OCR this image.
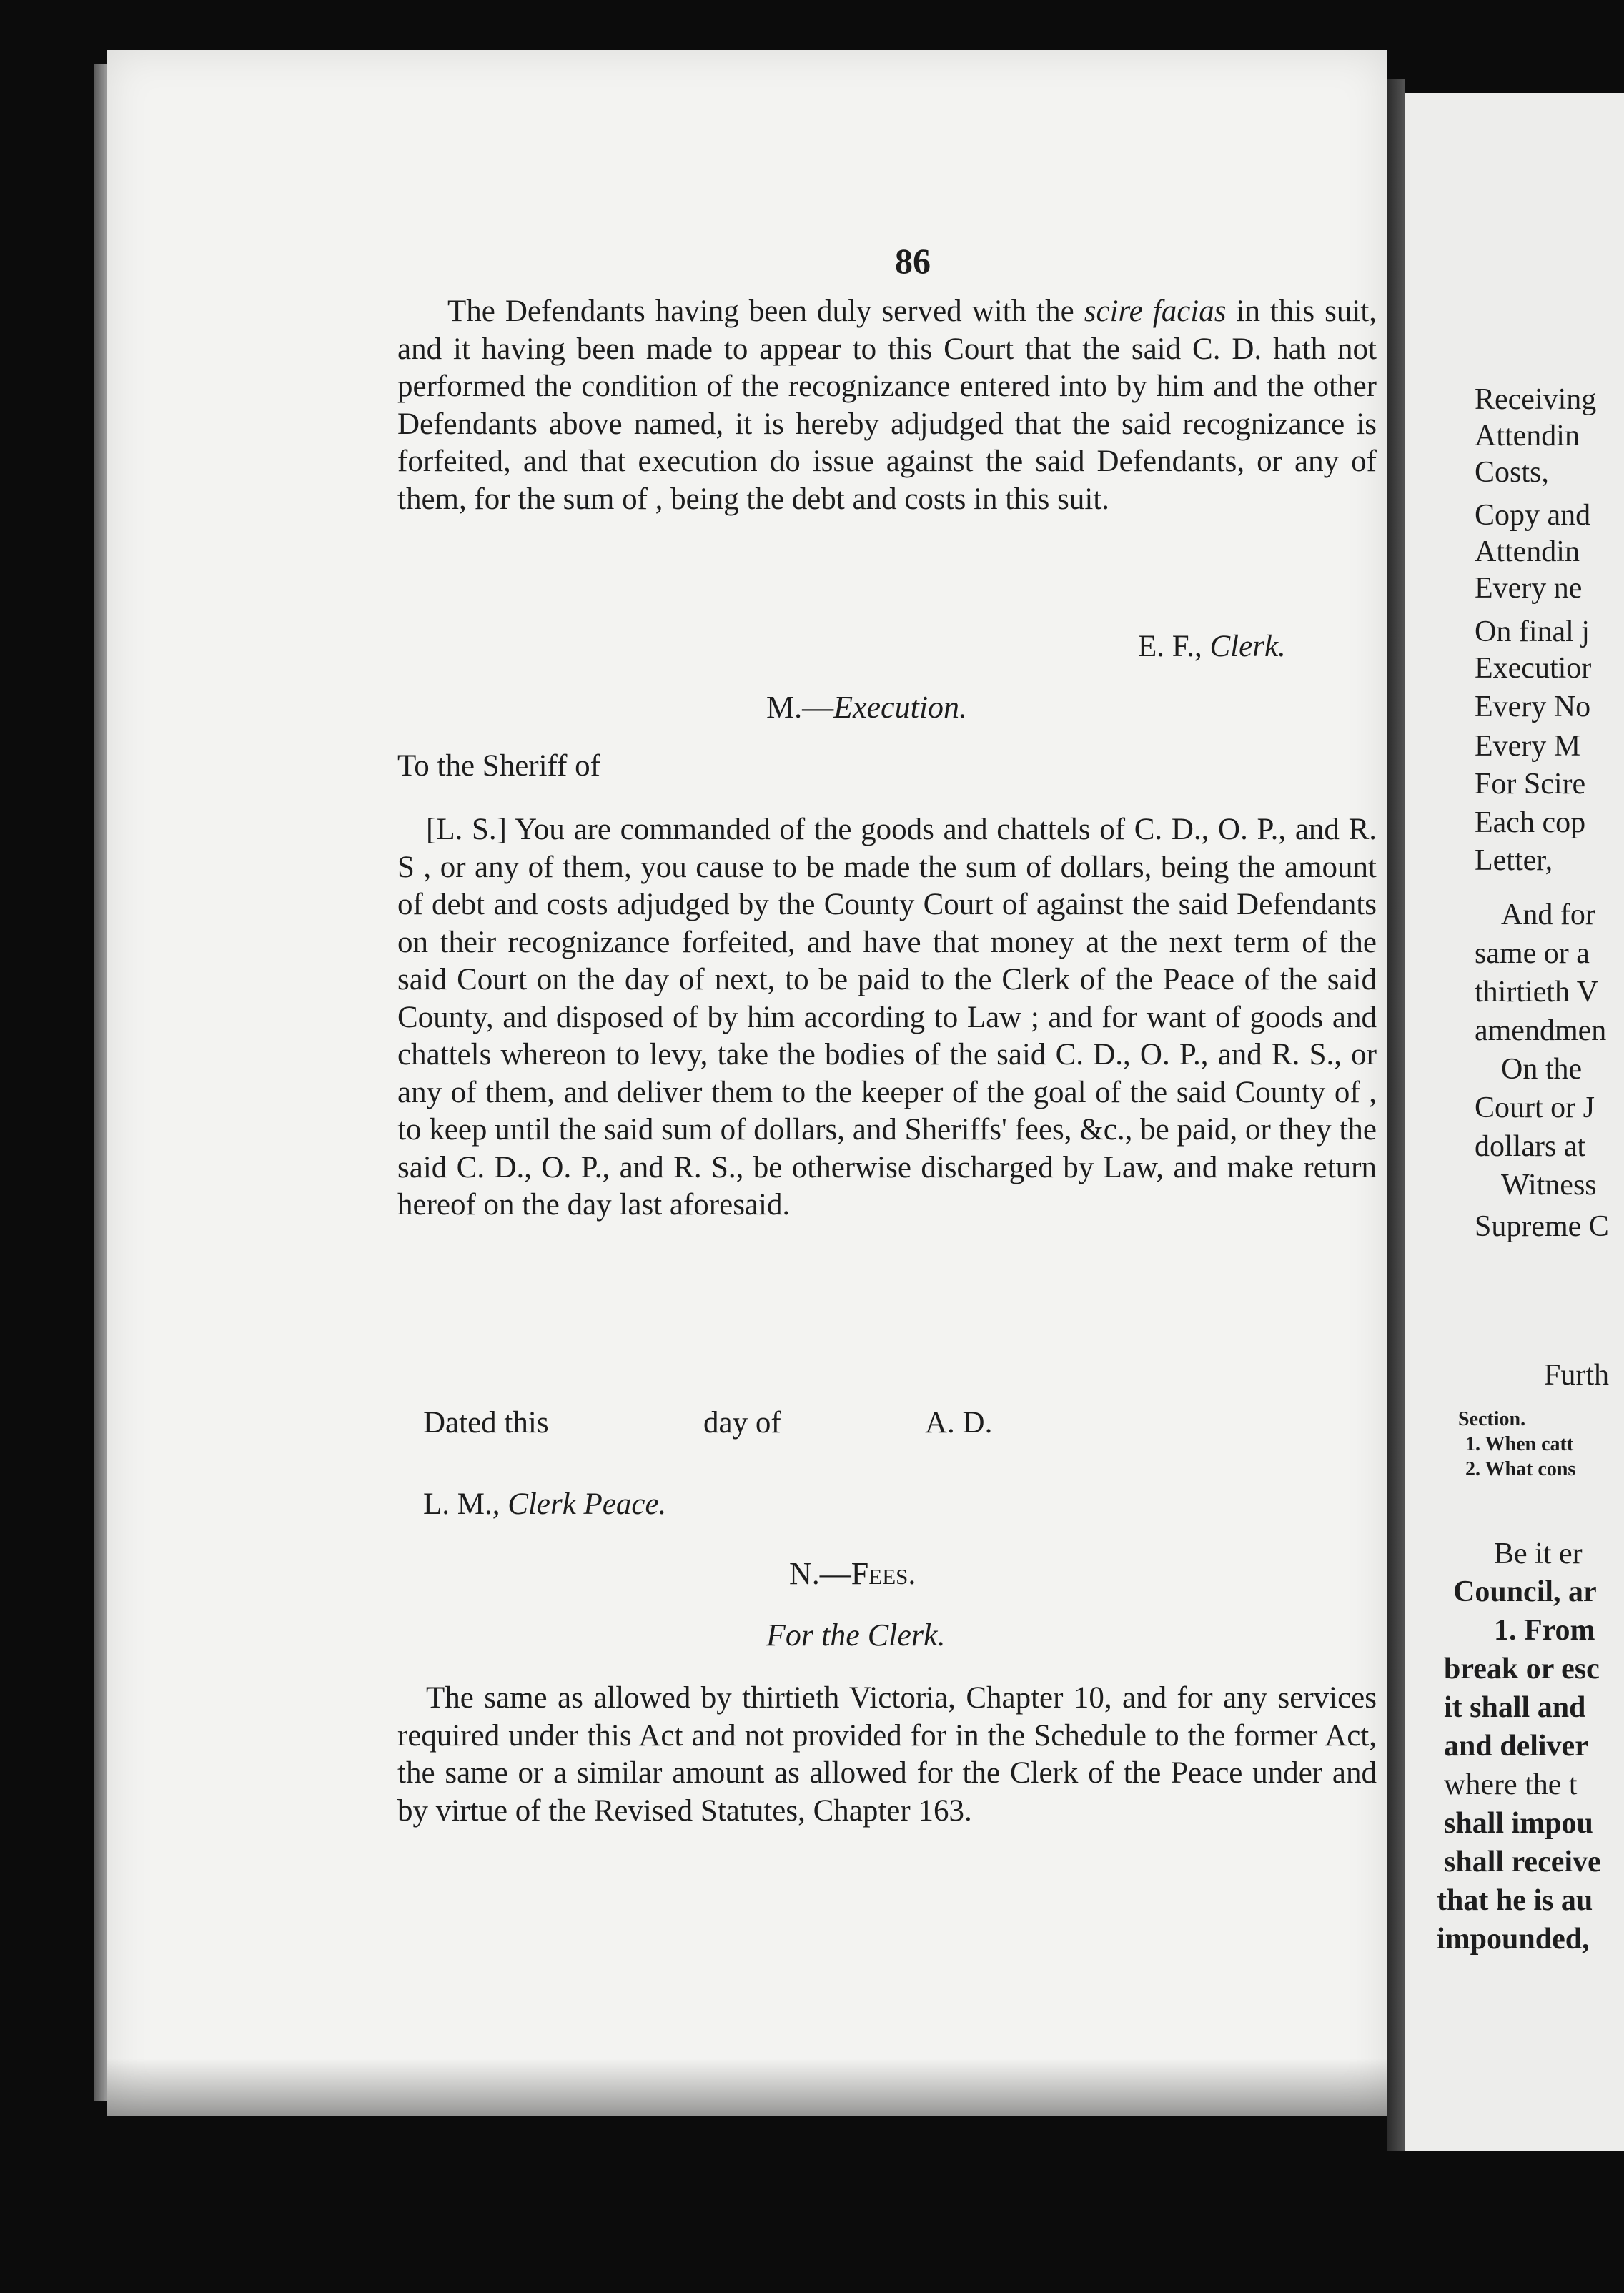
86
The Defendants having been duly served with the scire facias in this suit, and it having been made to appear to this Court that the said C. D. hath not performed the condition of the recognizance entered into by him and the other Defendants above named, it is hereby adjudged that the said recognizance is forfeited, and that execution do issue against the said Defendants, or any of them, for the sum of , being the debt and costs in this suit.
E. F., Clerk.
M.—Execution.
To the Sheriff of
[L. S.] You are commanded of the goods and chattels of C. D., O. P., and R. S , or any of them, you cause to be made the sum of dollars, being the amount of debt and costs adjudged by the County Court of against the said Defendants on their recognizance forfeited, and have that money at the next term of the said Court on the day of next, to be paid to the Clerk of the Peace of the said County, and disposed of by him according to Law ; and for want of goods and chattels whereon to levy, take the bodies of the said C. D., O. P., and R. S., or any of them, and deliver them to the keeper of the goal of the said County of , to keep until the said sum of dollars, and Sheriffs' fees, &c., be paid, or they the said C. D., O. P., and R. S., be otherwise discharged by Law, and make return hereof on the day last aforesaid.
Dated this	day of	A. D.
L. M., Clerk Peace.
N.—Fees.
For the Clerk.
The same as allowed by thirtieth Victoria, Chapter 10, and for any services required under this Act and not provided for in the Schedule to the former Act, the same or a similar amount as allowed for the Clerk of the Peace under and by virtue of the Revised Statutes, Chapter 163.
Receiving
Attendin
Costs,
Copy and
Attendin
Every ne
On final j
Executior
Every No
Every M
For Scire
Each cop
Letter,
And for
same or a
thirtieth V
amendmen
On the
Court or J
dollars at
Witness
Supreme C
Furth
Section.
1. When catt
2. What cons
Be it er
Council, ar
1. From
break or esc
it shall and
and deliver
where the t
shall impou
shall receive
that he is au
impounded,
